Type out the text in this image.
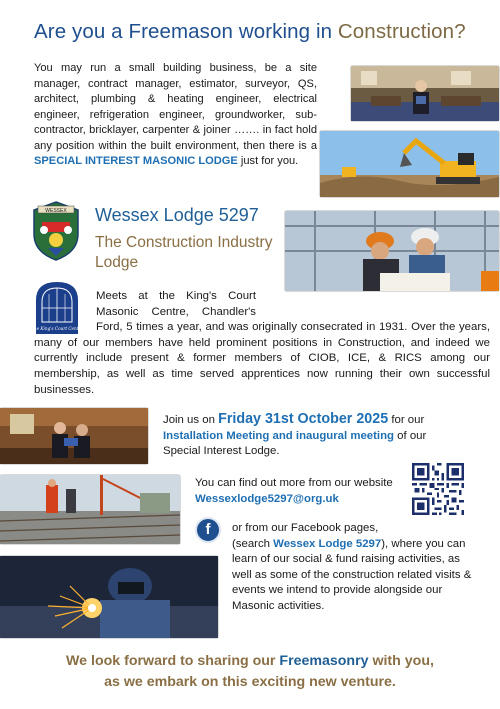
Are you a Freemason working in Construction?
You may run a small building business, be a site manager, contract manager, estimator, surveyor, QS, architect, plumbing & heating engineer, electrical engineer, refrigeration engineer, groundworker, sub-contractor, bricklayer, carpenter & joiner ……. in fact hold any position within the built environment, then there is a SPECIAL INTEREST MASONIC LODGE just for you.
WESSEX Wessex Lodge 5297
The Construction Industry Lodge
The King's Court Centre
Meets at the King's Court Masonic Centre, Chandler's Ford, 5 times a year, and was originally consecrated in 1931. Over the years, many of our members have held prominent positions in Construction, and indeed we currently include present & former members of CIOB, ICE, & RICS among our membership, as well as time served apprentices now running their own successful businesses.
Join us on Friday 31st October 2025 for our Installation Meeting and inaugural meeting of our Special Interest Lodge.
You can find out more from our website Wessexlodge5297@org.uk
f	or from our Facebook pages,
(search Wessex Lodge 5297), where you can learn of our social & fund raising activities, as well as some of the construction related visits & events we intend to provide alongside our Masonic activities.
We look forward to sharing our Freemasonry with you,
as we embark on this exciting new venture.
